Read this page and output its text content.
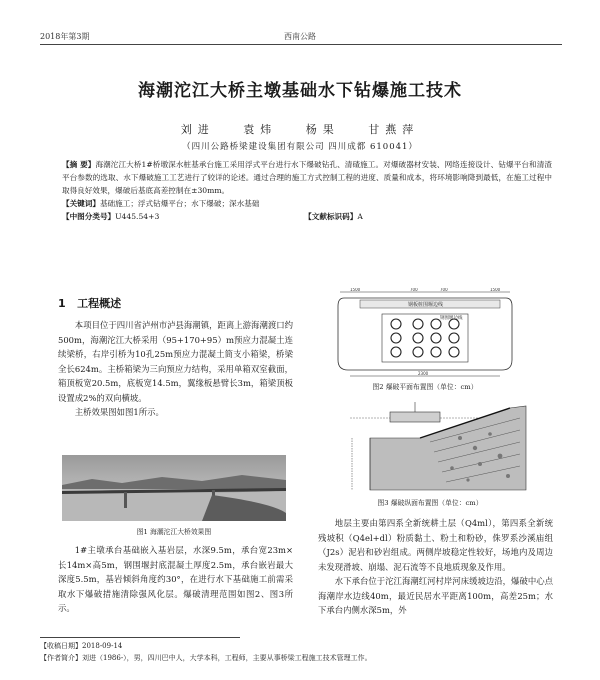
2018年第3期	西南公路
海潮沱江大桥主墩基础水下钻爆施工技术
刘进	袁炜	杨果	甘燕萍
（四川公路桥梁建设集团有限公司 四川成都 610041）
【摘 要】海潮沱江大桥1#桥墩深水桩基承台施工采用浮式平台进行水下爆破钻孔、清碴施工。对爆破器材安装、网络连接设计、钻爆平台和清渣平台参数的选取、水下爆破施工工艺进行了较详的论述。通过合理的施工方式控制工程的进度、质量和成本，将环境影响降到最低，在施工过程中取得良好效果，爆破后基底高差控制在±30mm。
【关键词】基础施工；浮式钻爆平台；水下爆破；深水基础
【中图分类号】U445.54+3	【文献标识码】A
1 工程概述
本项目位于四川省泸州市泸县海潮镇，距离上游海潮渡口约500m，海潮沱江大桥采用（95+170+95）m预应力混凝土连续梁桥，右岸引桥为10孔25m预应力混凝土简支小箱梁，桥梁全长624m。主桥箱梁为三向预应力结构，采用单箱双室截面，箱顶板宽20.5m，底板宽14.5m，翼缘板悬臂长3m，箱梁顶板设置成2%的双向横坡。
主桥效果图如图1所示。
图1 海潮沱江大桥效果图
1#主墩承台基础嵌入基岩层，水深9.5m，承台宽23m×长14m×高5m，钢围堰封底混凝土厚度2.5m，承台嵌岩最大深度5.5m，基岩倾斜角度约30°，在进行水下基础施工前需采取水下爆破措施清除强风化层。爆破清理范围如图2、图3所示。
1500	700	700	1500
钢板桩围堰边线
钢围堰边线
2300
图2 爆破平面布置图（单位：cm）
图3 爆破纵面布置图（单位：cm）
地层主要由第四系全新统耕土层（Q4ml），第四系全新统残坡积（Q4el+dl）粉质黏土、粉土和粉砂，侏罗系沙溪庙组（J2s）泥岩和砂岩组成。两侧岸坡稳定性较好，场地内及周边未发现滑坡、崩塌、泥石流等不良地质现象及作用。
水下承台位于沱江海潮红河村岸河床缓坡边沿，爆破中心点海潮岸水边线40m，最近民居水平距离100m，高差25m；水下承台内侧水深5m，外
【收稿日期】2018-09-14
【作者简介】刘进（1986-），男，四川巴中人，大学本科，工程师，主要从事桥梁工程施工技术管理工作。
